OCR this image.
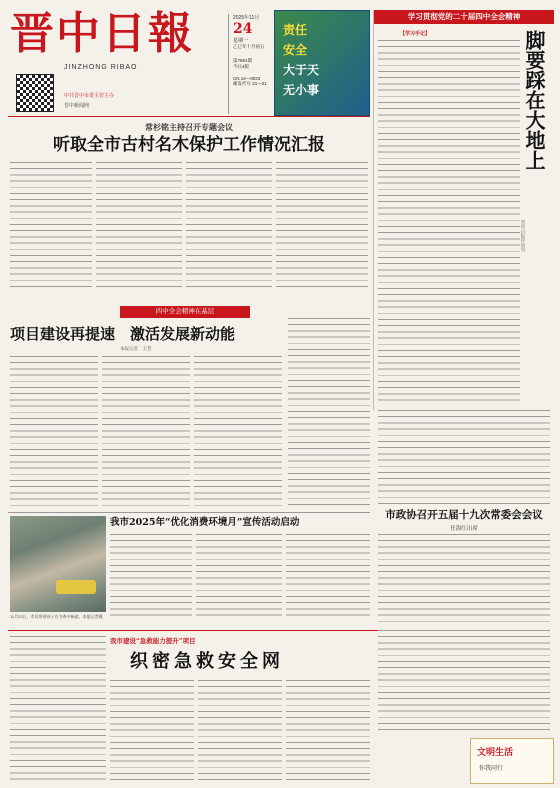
晋中日報
JINZHONG RIBAO
中共晋中市委主管主办
晋中新闻网
2025年11月
24
星期一
乙巳年十月初五
第7891期
今日4版
CN 14—0023
邮发代号 21—21
责任
安全
大于天
无小事
学习贯彻党的二十届四中全会精神
【学习手记】	脚要踩在大地上
晋中日报评论员
常杉铭主持召开专题会议
听取全市古村名木保护工作情况汇报
四中全会精神在基层
项目建设再提速　激活发展新动能
本报记者　王晋
市政协召开五届十九次常委会会议
任海红出席
我市2025年“优化消费环境月”宣传活动启动
11月22日，市民带着孩子在书香中畅游。本报记者摄
我市建设“急救能力提升”项目
织密急救安全网
文明生活
你我同行
